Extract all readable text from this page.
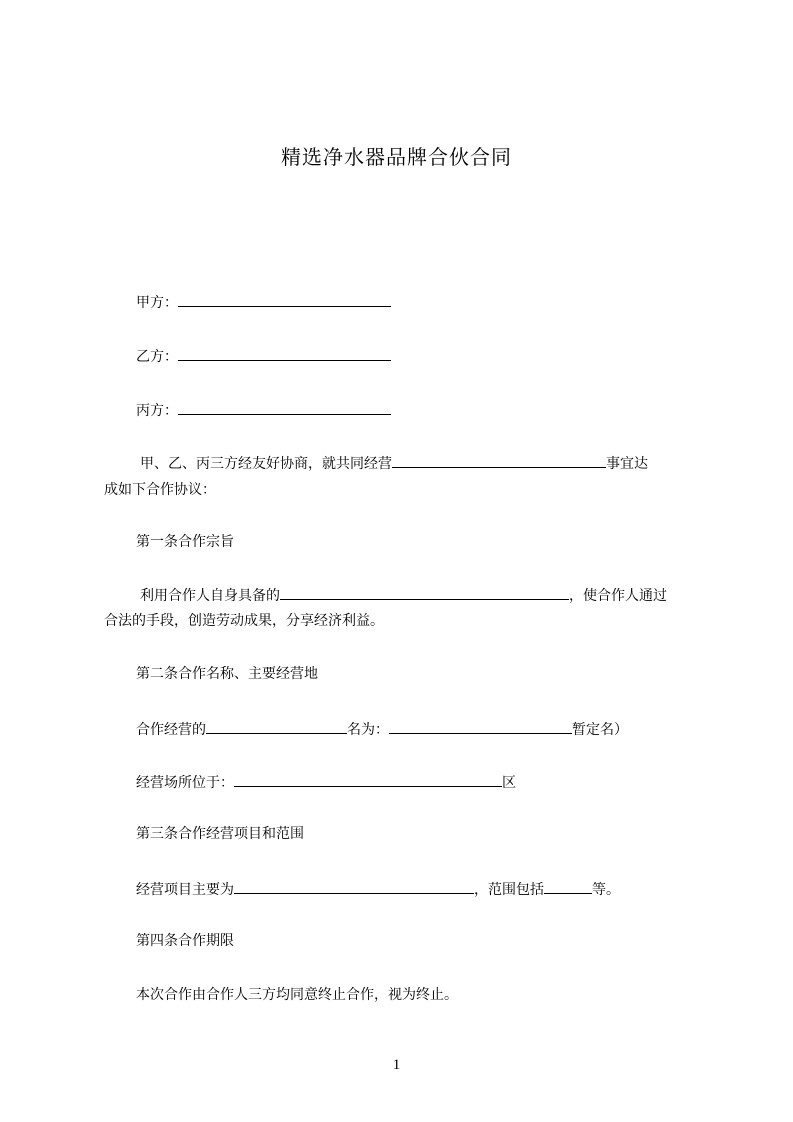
精选净水器品牌合伙合同
甲方：
乙方：
丙方：
甲、乙、丙三方经友好协商，就共同经营	事宜达
成如下合作协议：
第一条合作宗旨
利用合作人自身具备的	，使合作人通过
合法的手段，创造劳动成果，分享经济利益。
第二条合作名称、主要经营地
合作经营的	名为：	暂定名）
经营场所位于：	区
第三条合作经营项目和范围
经营项目主要为	，范围包括	等。
第四条合作期限
本次合作由合作人三方均同意终止合作，视为终止。
1
